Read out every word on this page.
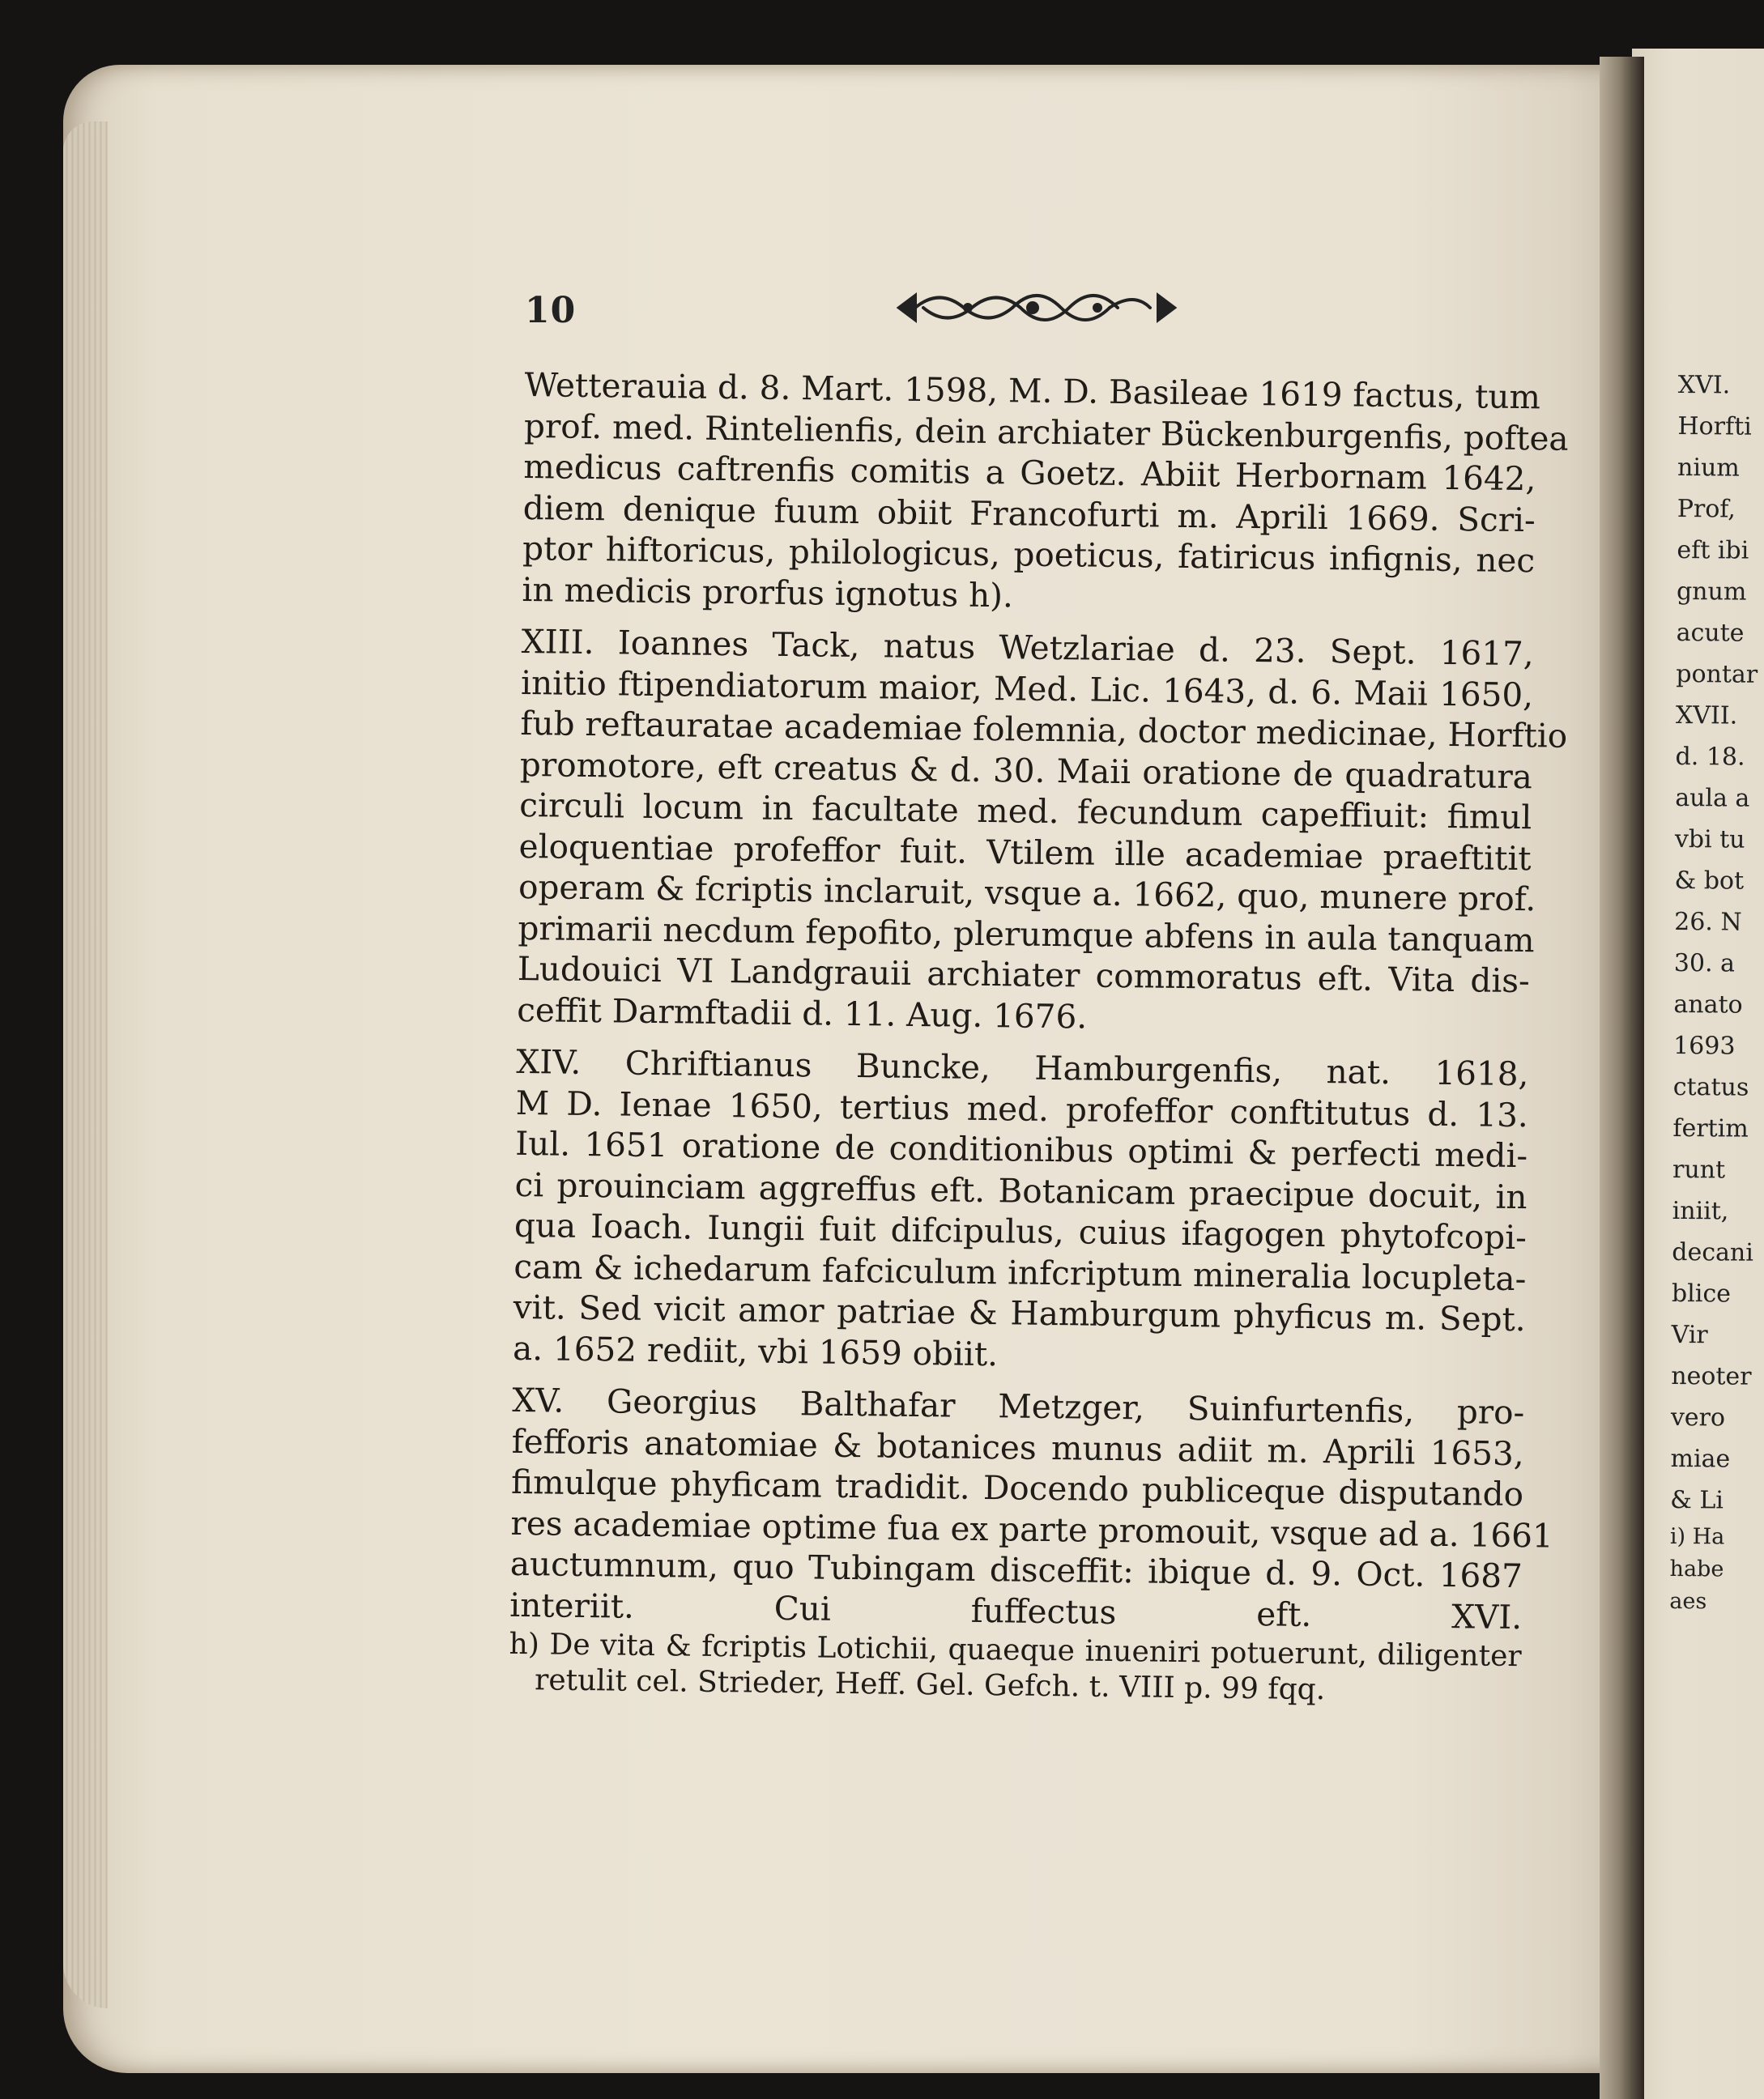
10
Wetterauia d. 8. Mart. 1598, M. D. Basileae 1619 factus, tum
prof. med. Rintelienfis, dein archiater Bückenburgenfis, poftea
medicus caftrenfis comitis a Goetz. Abiit Herbornam 1642,
diem denique fuum obiit Francofurti m. Aprili 1669. Scri-
ptor hiftoricus, philologicus, poeticus, fatiricus infignis, nec
in medicis prorfus ignotus h).
XIII. Ioannes Tack, natus Wetzlariae d. 23. Sept. 1617,
initio ftipendiatorum maior, Med. Lic. 1643, d. 6. Maii 1650,
fub reftauratae academiae folemnia, doctor medicinae, Horftio
promotore, eft creatus & d. 30. Maii oratione de quadratura
circuli locum in facultate med. fecundum capeffiuit: fimul
eloquentiae profeffor fuit. Vtilem ille academiae praeftitit
operam & fcriptis inclaruit, vsque a. 1662, quo, munere prof.
primarii necdum fepofito, plerumque abfens in aula tanquam
Ludouici VI Landgrauii archiater commoratus eft. Vita dis-
ceffit Darmftadii d. 11. Aug. 1676.
XIV. Chriftianus Buncke, Hamburgenfis, nat. 1618,
M D. Ienae 1650, tertius med. profeffor conftitutus d. 13.
Iul. 1651 oratione de conditionibus optimi & perfecti medi-
ci prouinciam aggreffus eft. Botanicam praecipue docuit, in
qua Ioach. Iungii fuit difcipulus, cuius ifagogen phytofcopi-
cam & ichedarum fafciculum infcriptum mineralia locupleta-
vit. Sed vicit amor patriae & Hamburgum phyficus m. Sept.
a. 1652 rediit, vbi 1659 obiit.
XV. Georgius Balthafar Metzger, Suinfurtenfis, pro-
fefforis anatomiae & botanices munus adiit m. Aprili 1653,
fimulque phyficam tradidit. Docendo publiceque disputando
res academiae optime fua ex parte promouit, vsque ad a. 1661
auctumnum, quo Tubingam disceffit: ibique d. 9. Oct. 1687
interiit. Cui fuffectus eft. XVI.
h) De vita & fcriptis Lotichii, quaeque inueniri potuerunt, diligenter
retulit cel. Strieder, Heff. Gel. Gefch. t. VIII p. 99 fqq.
XVI.
Horfti
nium
Prof,
eft ibi
gnum
acute
pontar
XVII.
d. 18.
aula a
vbi tu
& bot
26. N
30. a
anato
1693
ctatus
fertim
runt
iniit,
decani
blice
Vir
neoter
vero
miae
& Li
i) Ha
habe
aes
